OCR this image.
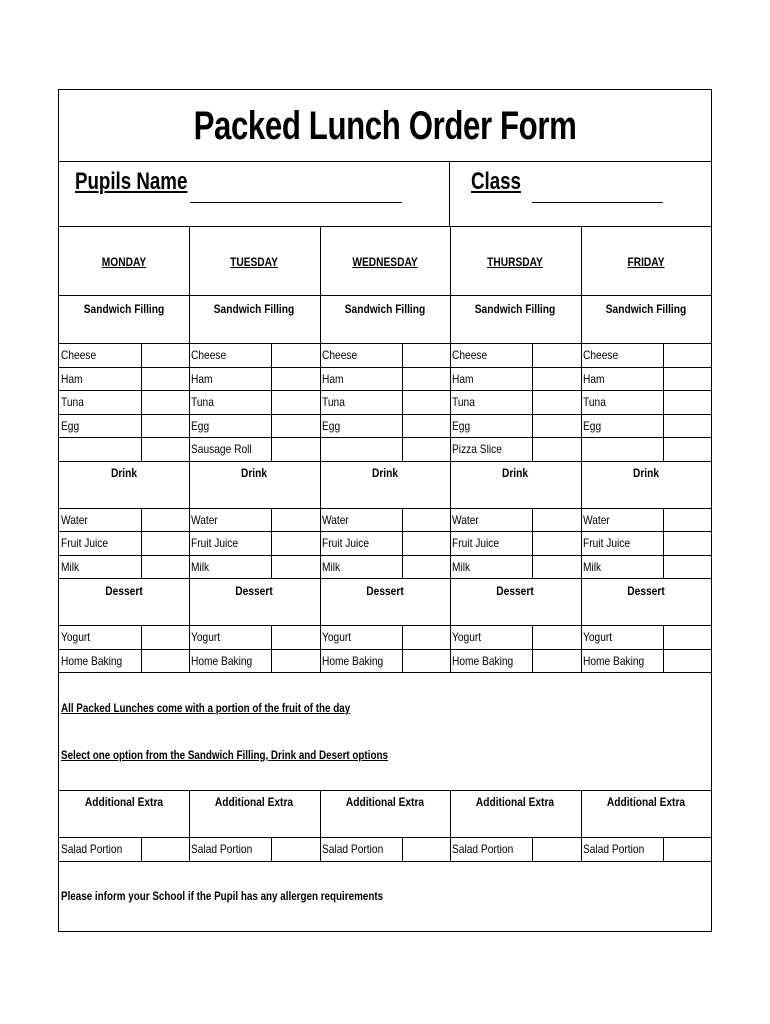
Packed Lunch Order Form
Pupils Name	Class
MONDAY
Sandwich Filling
Drink
Dessert
TUESDAY
Sandwich Filling
Drink
Dessert
WEDNESDAY
Sandwich Filling
Drink
Dessert
THURSDAY
Sandwich Filling
Drink
Dessert
FRIDAY
Sandwich Filling
Drink
Dessert
Cheese
Ham
Tuna
Egg
Cheese
Ham
Tuna
Egg
Sausage Roll
Cheese
Ham
Tuna
Egg
Cheese
Ham
Tuna
Egg
Pizza Slice
Cheese
Ham
Tuna
Egg
Water
Fruit Juice
Milk
Water
Fruit Juice
Milk
Water
Fruit Juice
Milk
Water
Fruit Juice
Milk
Water
Fruit Juice
Milk
Yogurt
Home Baking
Yogurt
Home Baking
Yogurt
Home Baking
Yogurt
Home Baking
Yogurt
Home Baking
All Packed Lunches come with a portion of the fruit of the day
Select one option from the Sandwich Filling, Drink and Desert options
Additional Extra
Salad Portion
Additional Extra
Salad Portion
Additional Extra
Salad Portion
Additional Extra
Salad Portion
Additional Extra
Salad Portion
Please inform your School if the Pupil has any allergen requirements
